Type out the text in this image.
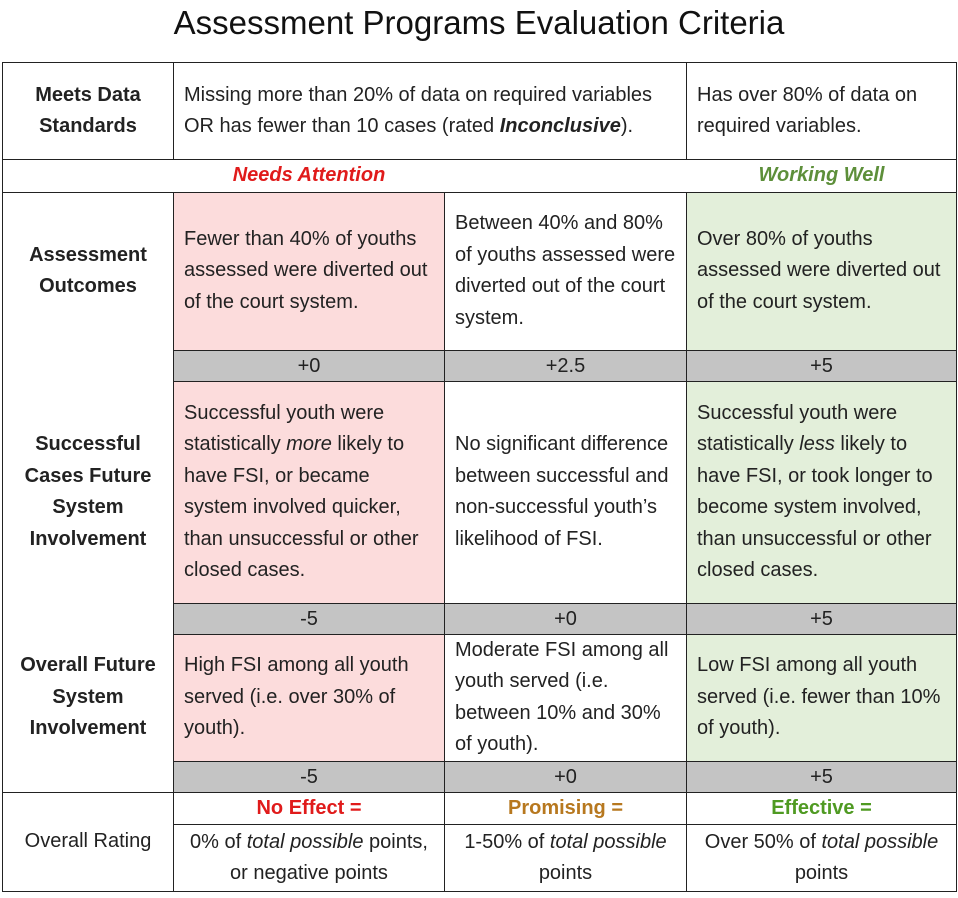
Assessment Programs Evaluation Criteria
Meets Data Standards	Missing more than 20% of data on required variables OR has fewer than 10 cases (rated Inconclusive).		Has over 80% of data on required variables.
	Needs Attention		Working Well
Assessment Outcomes	Fewer than 40% of youths assessed were diverted out of the court system.	Between 40% and 80% of youths assessed were diverted out of the court system.	Over 80% of youths assessed were diverted out of the court system.
	+0	+2.5	+5
Successful Cases Future System Involvement	Successful youth were statistically more likely to have FSI, or became system involved quicker, than unsuccessful or other closed cases.	No significant difference between successful and non-successful youth’s likelihood of FSI.	Successful youth were statistically less likely to have FSI, or took longer to become system involved, than unsuccessful or other closed cases.
	-5	+0	+5
Overall Future System Involvement	High FSI among all youth served (i.e. over 30% of youth).	Moderate FSI among all youth served (i.e. between 10% and 30% of youth).	Low FSI among all youth served (i.e. fewer than 10% of youth).
	-5	+0	+5
Overall Rating	No Effect =	Promising =	Effective =
	0% of total possible points, or negative points	1-50% of total possible points	Over 50% of total possible points
